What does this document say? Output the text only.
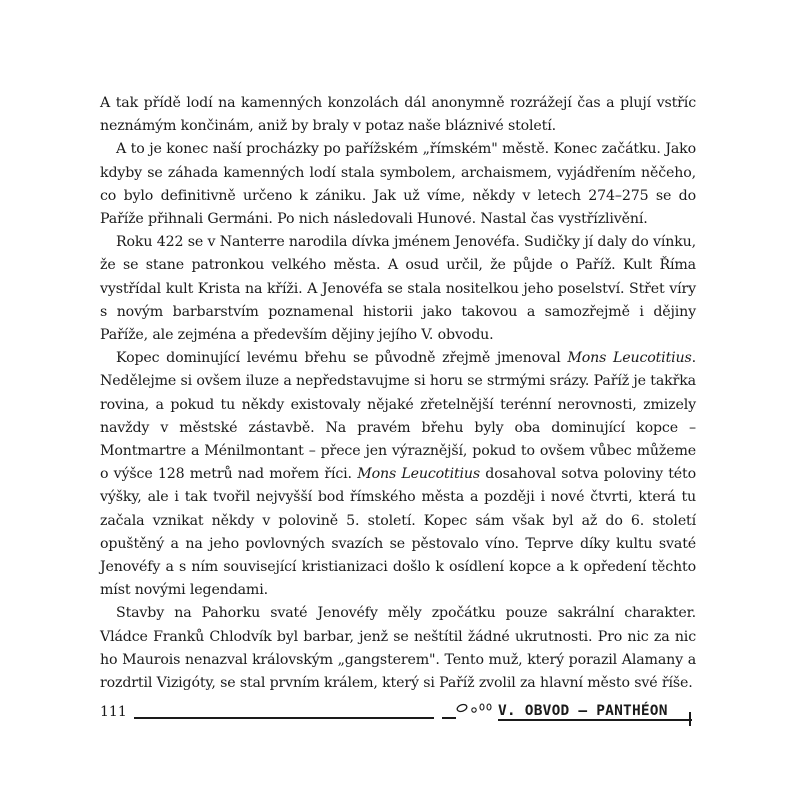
A tak přídě lodí na kamenných konzolách dál anonymně rozrážejí čas a plují vstříc neznámým končinám, aniž by braly v potaz naše bláznivé století.

A to je konec naší procházky po pařížském „římském" městě. Konec začátku. Jako kdyby se záhada kamenných lodí stala symbolem, archaismem, vyjádřením něčeho, co bylo definitivně určeno k zániku. Jak už víme, někdy v letech 274–275 se do Paříže přihnali Germáni. Po nich následovali Hunové. Nastal čas vystřízlivění.

Roku 422 se v Nanterre narodila dívka jménem Jenovéfa. Sudičky jí daly do vínku, že se stane patronkou velkého města. A osud určil, že půjde o Paříž. Kult Říma vystřídal kult Krista na kříži. A Jenovéfa se stala nositelkou jeho poselství. Střet víry s novým barbarstvím poznamenal historii jako takovou a samozřejmě i dějiny Paříže, ale zejména a především dějiny jejího V. obvodu.

Kopec dominující levému břehu se původně zřejmě jmenoval Mons Leucotitius. Nedělejme si ovšem iluze a nepředstavujme si horu se strmými srázy. Paříž je takřka rovina, a pokud tu někdy existovaly nějaké zřetelnější terénní nerovnosti, zmizely navždy v městské zástavbě. Na pravém břehu byly oba dominující kopce – Montmartre a Ménilmontant – přece jen výraznější, pokud to ovšem vůbec můžeme o výšce 128 metrů nad mořem říci. Mons Leucotitius dosahoval sotva poloviny této výšky, ale i tak tvořil nejvyšší bod římského města a později i nové čtvrti, která tu začala vznikat někdy v polovině 5. století. Kopec sám však byl až do 6. století opuštěný a na jeho povlovných svazích se pěstovalo víno. Teprve díky kultu svaté Jenovéfy a s ním související kristianizaci došlo k osídlení kopce a k opředení těchto míst novými legendami.

Stavby na Pahorku svaté Jenovéfy měly zpočátku pouze sakrální charakter. Vládce Franků Chlodvík byl barbar, jenž se neštítil žádné ukrutnosti. Pro nic za nic ho Maurois nenazval královským „gangsterem". Tento muž, který porazil Alamany a rozdrtil Vizigóty, se stal prvním králem, který si Paříž zvolil za hlavní město své říše.

111	V. OBVOD – PANTHÉON
